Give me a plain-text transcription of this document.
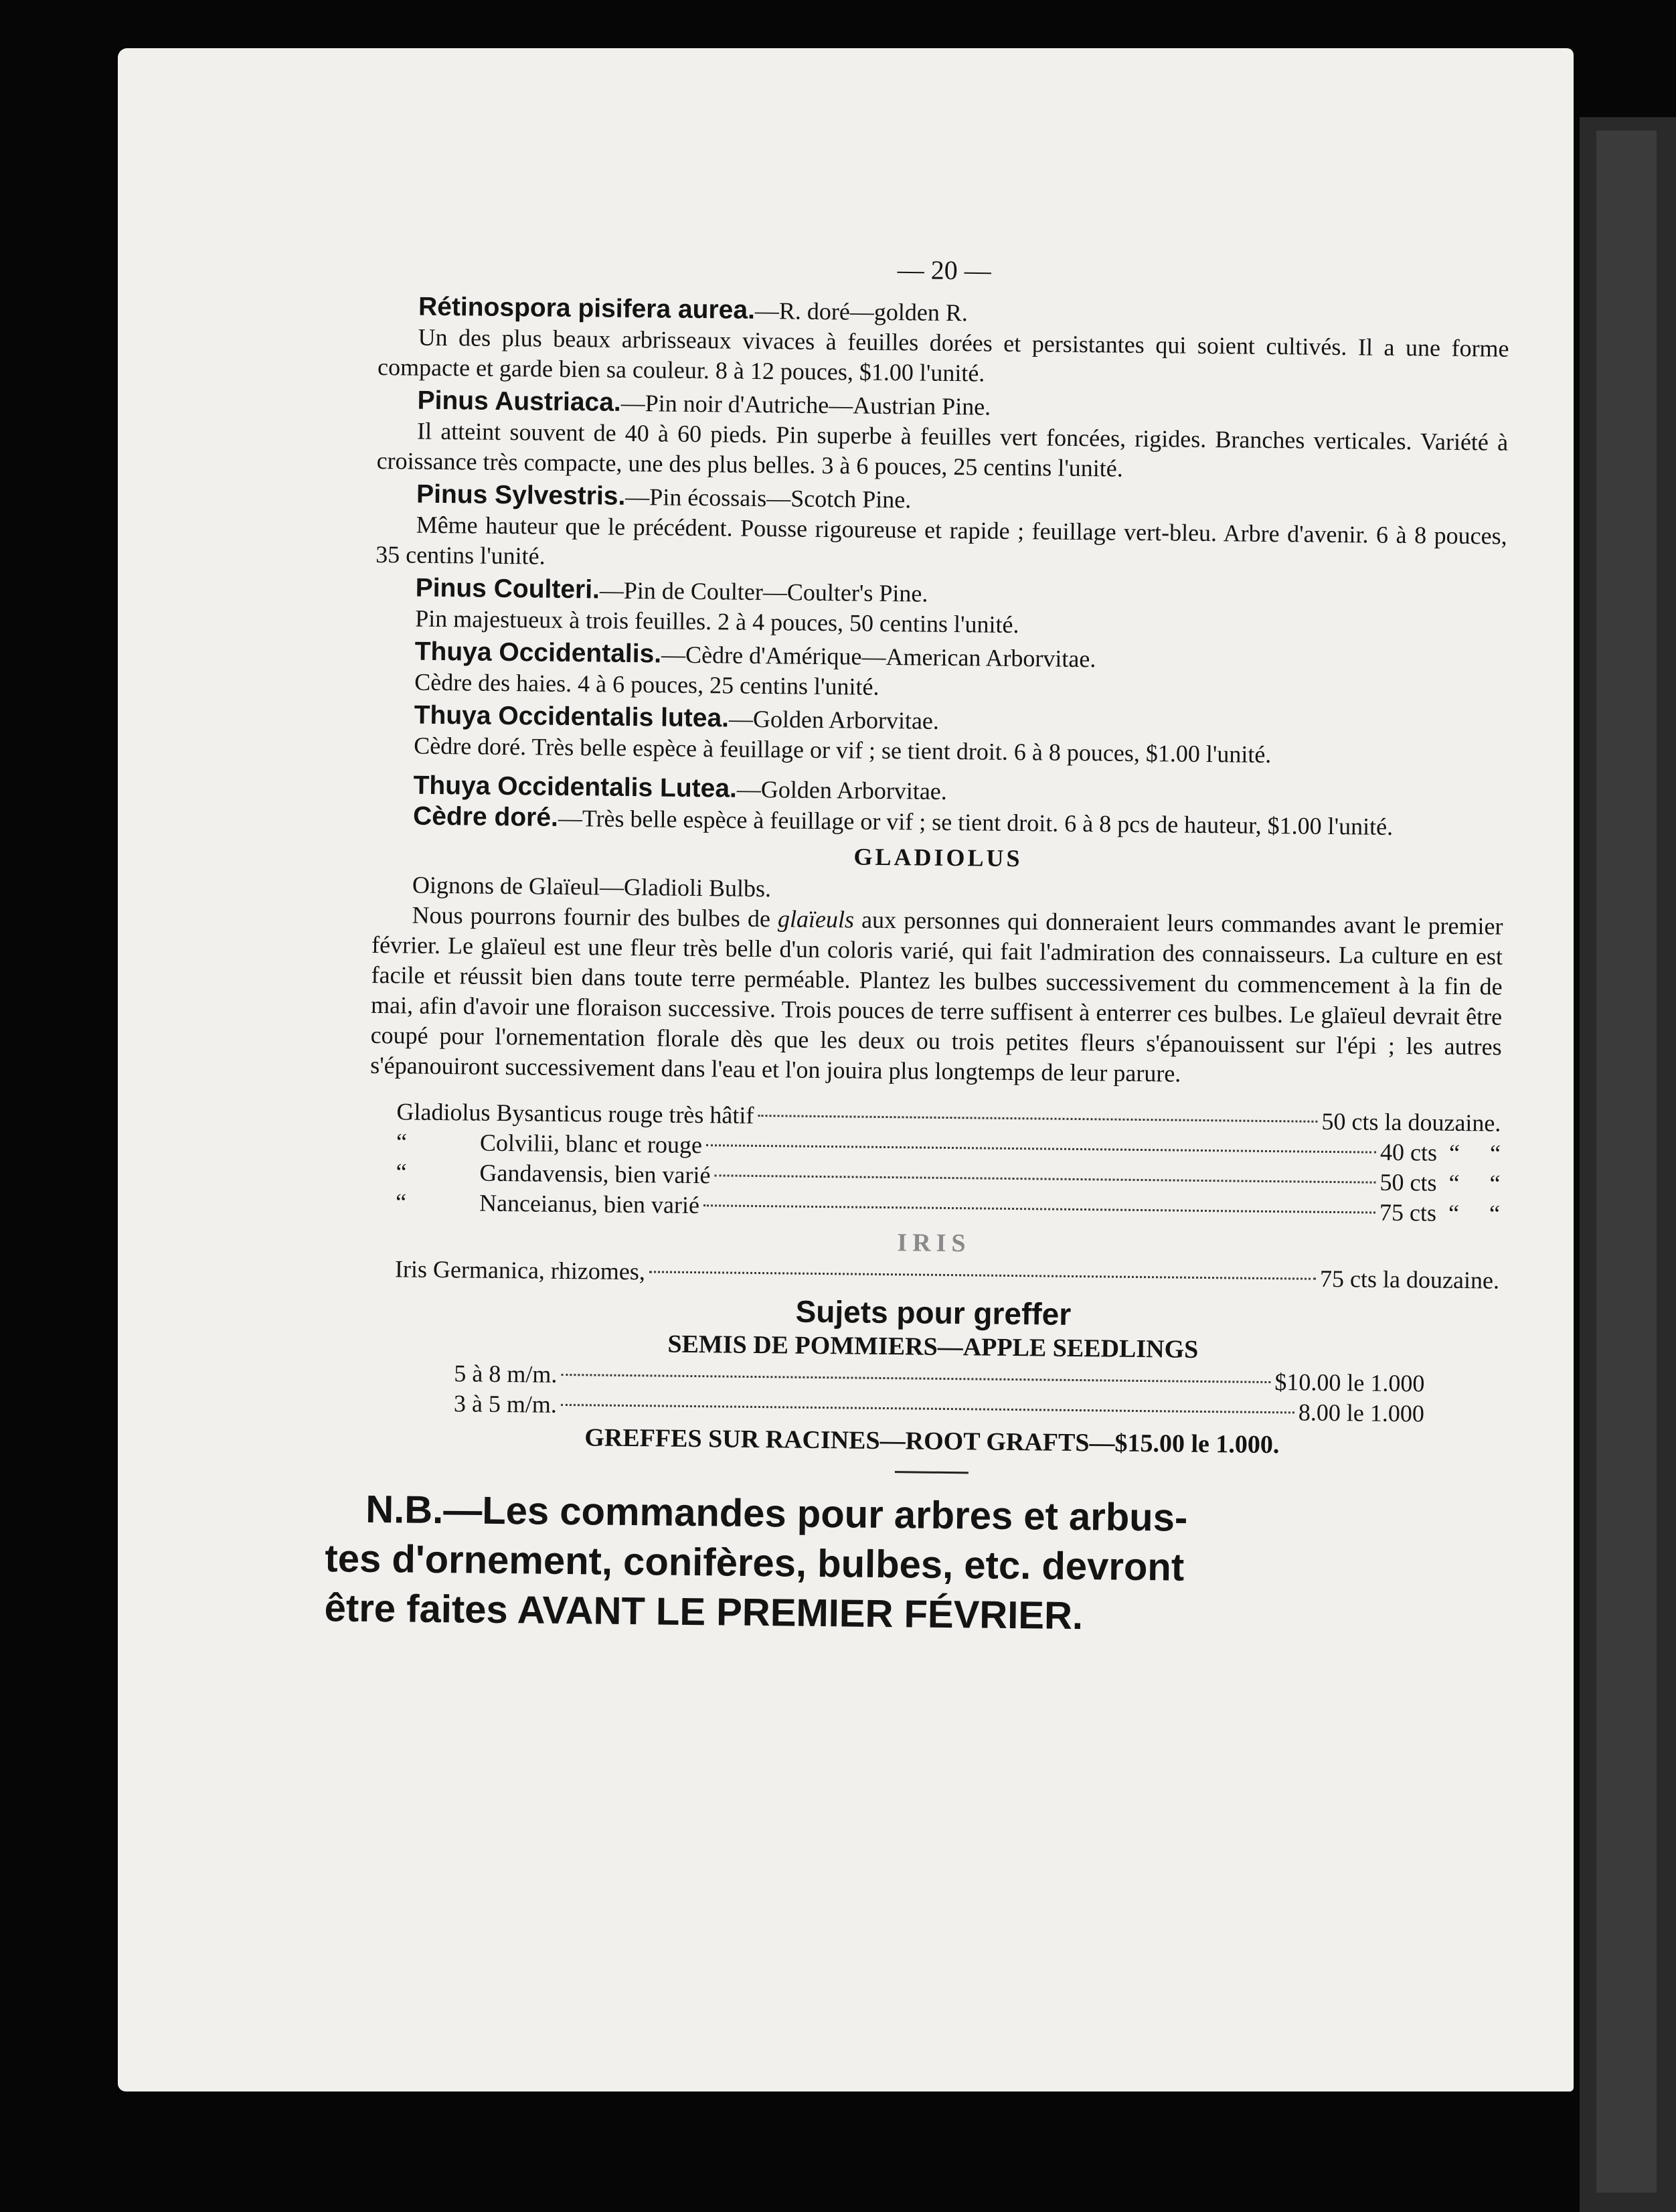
— 20 —
Rétinospora pisifera aurea.—R. doré—golden R.
Un des plus beaux arbrisseaux vivaces à feuilles dorées et persistantes qui soient cultivés. Il a une forme compacte et garde bien sa couleur. 8 à 12 pouces, $1.00 l'unité.
Pinus Austriaca.—Pin noir d'Autriche—Austrian Pine.
Il atteint souvent de 40 à 60 pieds. Pin superbe à feuilles vert foncées, rigides. Branches verticales. Variété à croissance très compacte, une des plus belles. 3 à 6 pouces, 25 centins l'unité.
Pinus Sylvestris.—Pin écossais—Scotch Pine.
Même hauteur que le précédent. Pousse rigoureuse et rapide ; feuillage vert-bleu. Arbre d'avenir. 6 à 8 pouces, 35 centins l'unité.
Pinus Coulteri.—Pin de Coulter—Coulter's Pine.
Pin majestueux à trois feuilles. 2 à 4 pouces, 50 centins l'unité.
Thuya Occidentalis.—Cèdre d'Amérique—American Arborvitae.
Cèdre des haies. 4 à 6 pouces, 25 centins l'unité.
Thuya Occidentalis lutea.—Golden Arborvitae.
Cèdre doré. Très belle espèce à feuillage or vif ; se tient droit. 6 à 8 pouces, $1.00 l'unité.
Thuya Occidentalis Lutea.—Golden Arborvitae.
Cèdre doré.—Très belle espèce à feuillage or vif ; se tient droit. 6 à 8 pcs de hauteur, $1.00 l'unité.
GLADIOLUS
Oignons de Glaïeul—Gladioli Bulbs.
Nous pourrons fournir des bulbes de glaïeuls aux personnes qui donneraient leurs commandes avant le premier février. Le glaïeul est une fleur très belle d'un coloris varié, qui fait l'admiration des connaisseurs. La culture en est facile et réussit bien dans toute terre perméable. Plantez les bulbes successivement du commencement à la fin de mai, afin d'avoir une floraison successive. Trois pouces de terre suffisent à enterrer ces bulbes. Le glaïeul devrait être coupé pour l'ornementation florale dès que les deux ou trois petites fleurs s'épanouissent sur l'épi ; les autres s'épanouiront successivement dans l'eau et l'on jouira plus longtemps de leur parure.
Gladiolus Bysanticus rouge très hâtif	50 cts la douzaine.
“	Colvilii, blanc et rouge	40 cts  “     “
“	Gandavensis, bien varié	50 cts  “     “
“	Nanceianus, bien varié	75 cts  “     “
IRIS
Iris Germanica, rhizomes,	75 cts la douzaine.
Sujets pour greffer
SEMIS DE POMMIERS—APPLE SEEDLINGS
5 à 8 m/m.	$10.00 le 1.000
3 à 5 m/m.	8.00 le 1.000
GREFFES SUR RACINES—ROOT GRAFTS—$15.00 le 1.000.
N.B.—Les commandes pour arbres et arbus-
tes d'ornement, conifères, bulbes, etc. devront
être faites AVANT LE PREMIER FÉVRIER.
